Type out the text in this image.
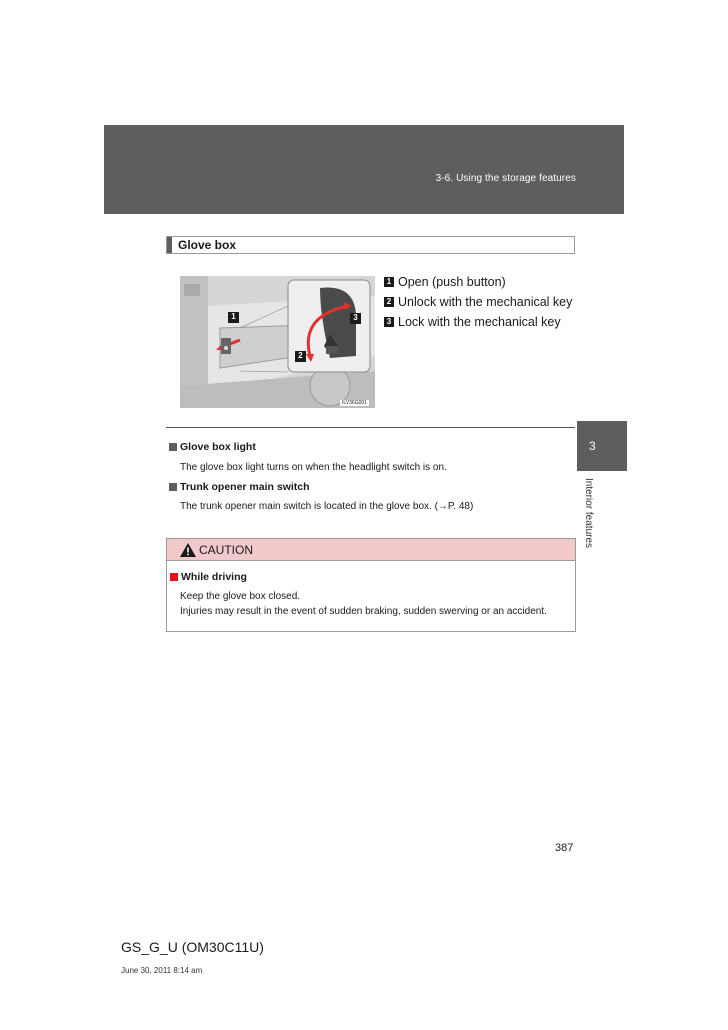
3-6. Using the storage features
Glove box
1	3
2
ILV36G001
1 Open (push button)
2 Unlock with the mechanical key
3 Lock with the mechanical key
Glove box light
The glove box light turns on when the headlight switch is on.
Trunk opener main switch
The trunk opener main switch is located in the glove box. (→P. 48)
CAUTION
While driving
Keep the glove box closed.
Injuries may result in the event of sudden braking, sudden swerving or an accident.
3
Interior features
387
GS_G_U (OM30C11U)
June 30, 2011 8:14 am
